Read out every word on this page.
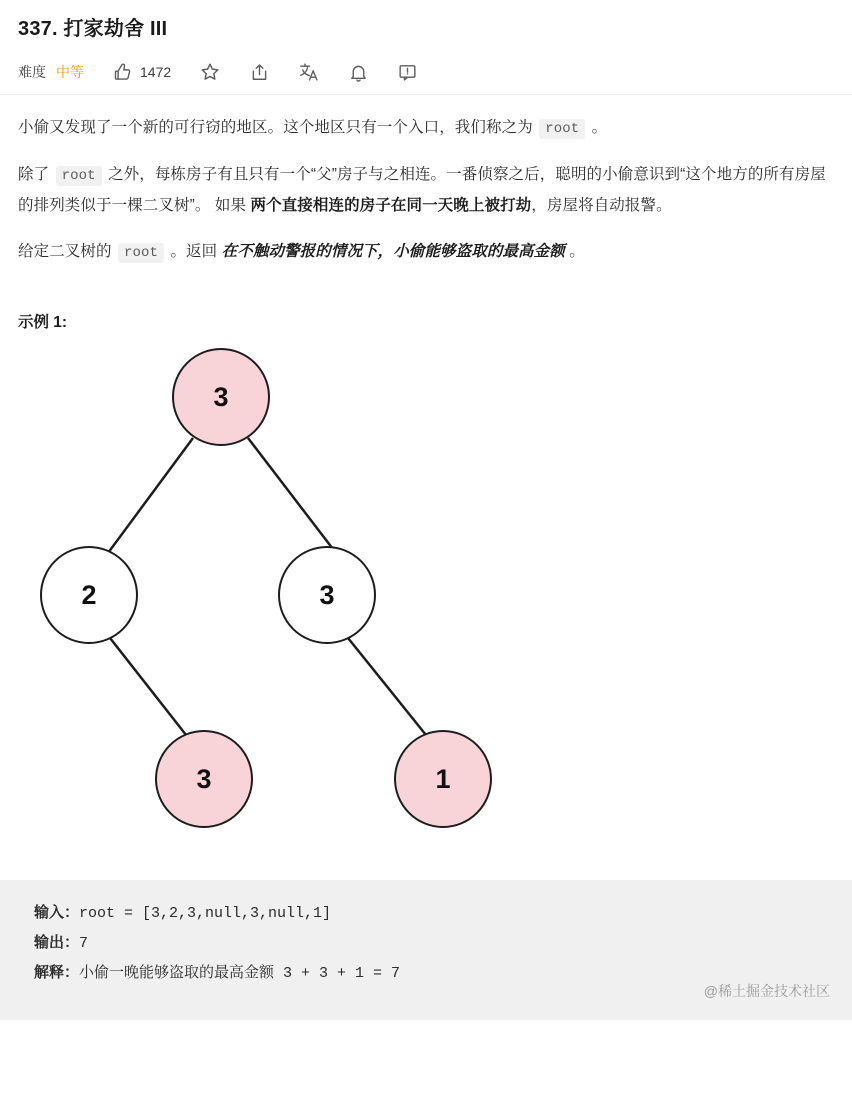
337. 打家劫舍 III
难度 中等	1472

小偷又发现了一个新的可行窃的地区。这个地区只有一个入口，我们称之为 root 。

除了 root 之外，每栋房子有且只有一个“父”房子与之相连。一番侦察之后，聪明的小偷意识到“这个地方的所有房屋的排列类似于一棵二叉树”。 如果 两个直接相连的房子在同一天晚上被打劫，房屋将自动报警。

给定二叉树的 root 。返回 在不触动警报的情况下，小偷能够盗取的最高金额 。

示例 1:
3
2	3
3	1
输入：root = [3,2,3,null,3,null,1]
输出：7
解释：小偷一晚能够盗取的最高金额 3 + 3 + 1 = 7
@稀土掘金技术社区
